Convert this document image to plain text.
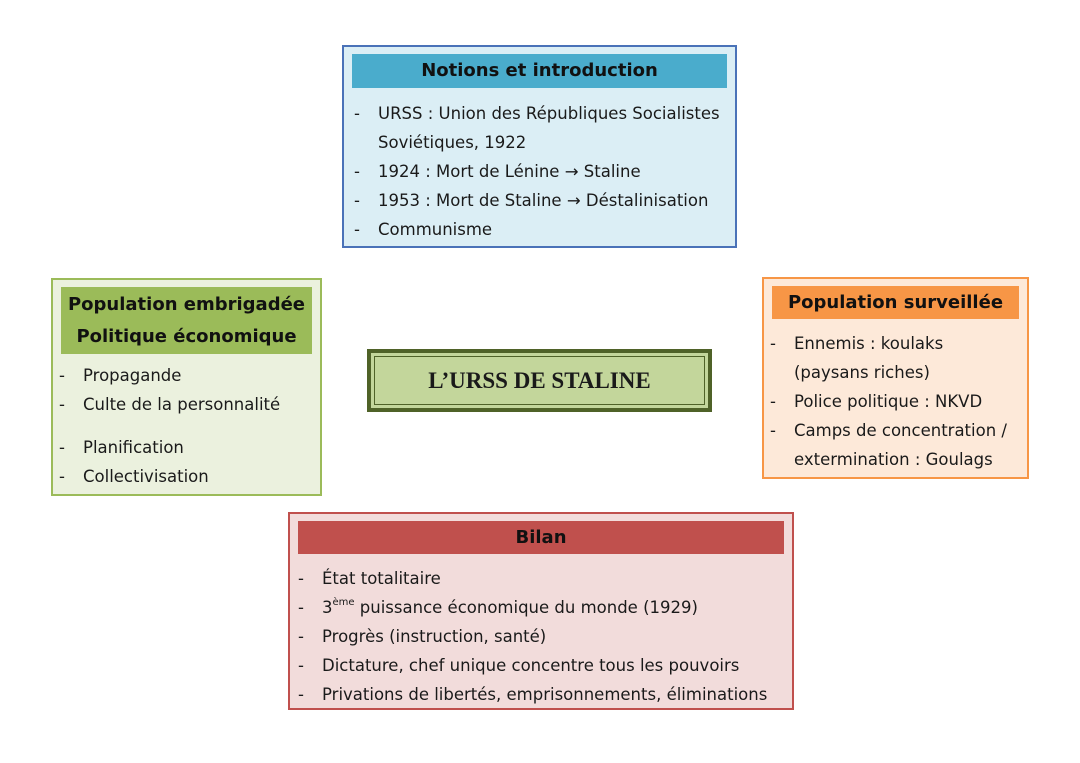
Notions et introduction
- URSS : Union des Républiques Socialistes Soviétiques, 1922
- 1924 : Mort de Lénine → Staline
- 1953 : Mort de Staline → Déstalinisation
- Communisme
Population embrigadée
Politique économique
- Propagande
- Culte de la personnalité
- Planification
- Collectivisation
L’URSS DE STALINE
Population surveillée
- Ennemis : koulaks (paysans riches)
- Police politique : NKVD
- Camps de concentration / extermination : Goulags
Bilan
- État totalitaire
- 3ème puissance économique du monde (1929)
- Progrès (instruction, santé)
- Dictature, chef unique concentre tous les pouvoirs
- Privations de libertés, emprisonnements, éliminations
